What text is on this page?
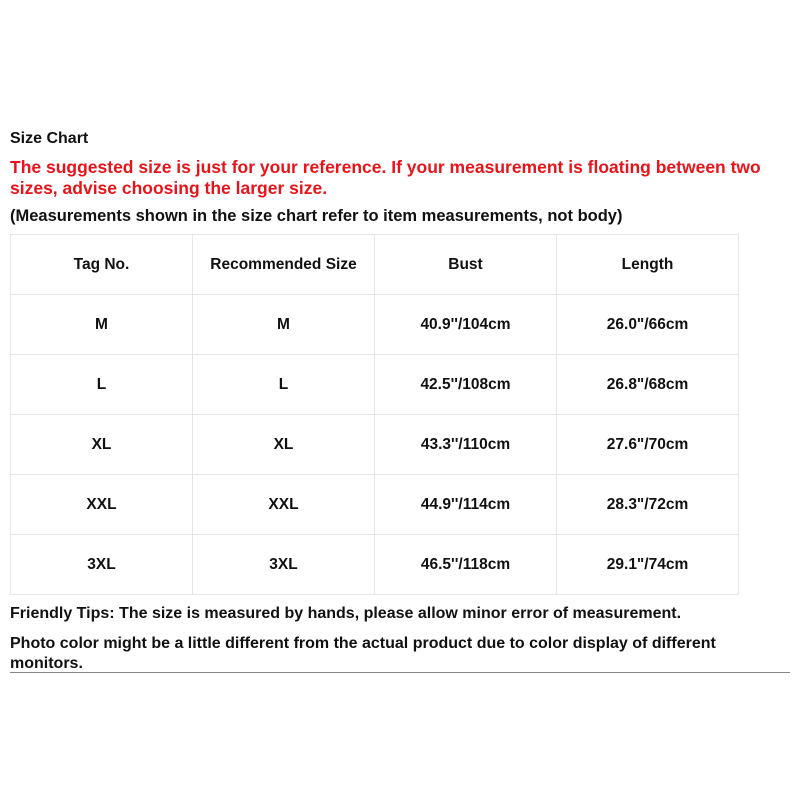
Size Chart
The suggested size is just for your reference. If your measurement is floating between two sizes, advise choosing the larger size.
(Measurements shown in the size chart refer to item measurements, not body)
Tag No.	Recommended Size	Bust	Length
M	M	40.9''/104cm	26.0"/66cm
L	L	42.5''/108cm	26.8"/68cm
XL	XL	43.3''/110cm	27.6"/70cm
XXL	XXL	44.9''/114cm	28.3"/72cm
3XL	3XL	46.5''/118cm	29.1"/74cm
Friendly Tips: The size is measured by hands, please allow minor error of measurement.
Photo color might be a little different from the actual product due to color display of different monitors.
